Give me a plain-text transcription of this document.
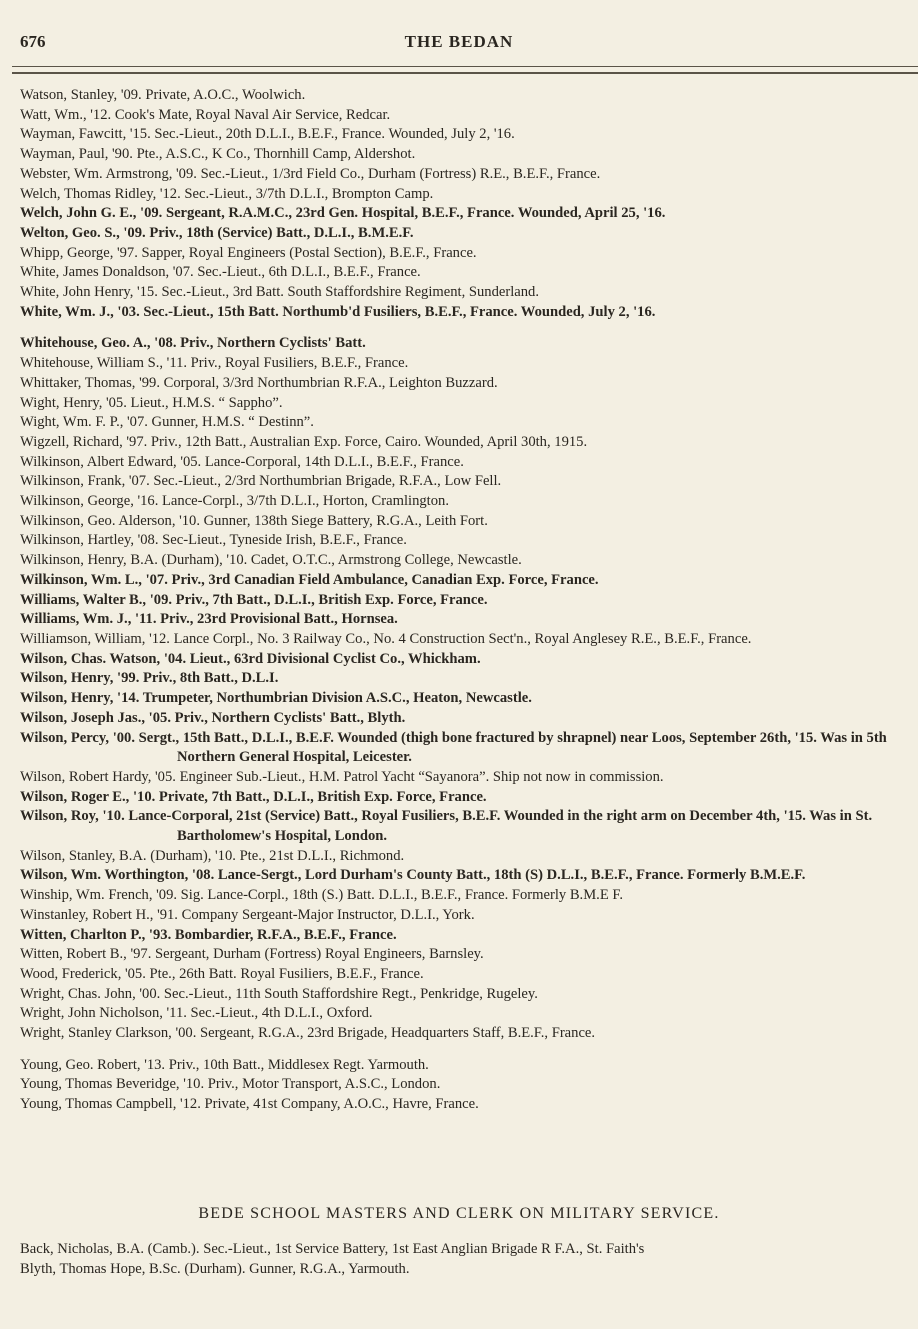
676	THE BEDAN

Watson, Stanley, '09. Private, A.O.C., Woolwich.

Watt, Wm., '12. Cook's Mate, Royal Naval Air Service, Redcar.

Wayman, Fawcitt, '15. Sec.-Lieut., 20th D.L.I., B.E.F., France. Wounded, July 2, '16.

Wayman, Paul, '90. Pte., A.S.C., K Co., Thornhill Camp, Aldershot.

Webster, Wm. Armstrong, '09. Sec.-Lieut., 1/3rd Field Co., Durham (Fortress) R.E., B.E.F., France.

Welch, Thomas Ridley, '12. Sec.-Lieut., 3/7th D.L.I., Brompton Camp.

Welch, John G. E., '09. Sergeant, R.A.M.C., 23rd Gen. Hospital, B.E.F., France. Wounded, April 25, '16.

Welton, Geo. S., '09. Priv., 18th (Service) Batt., D.L.I., B.M.E.F.

Whipp, George, '97. Sapper, Royal Engineers (Postal Section), B.E.F., France.

White, James Donaldson, '07. Sec.-Lieut., 6th D.L.I., B.E.F., France.

White, John Henry, '15. Sec.-Lieut., 3rd Batt. South Staffordshire Regiment, Sunderland.

White, Wm. J., '03. Sec.-Lieut., 15th Batt. Northumb'd Fusiliers, B.E.F., France. Wounded, July 2, '16.

Whitehouse, Geo. A., '08. Priv., Northern Cyclists' Batt.

Whitehouse, William S., '11. Priv., Royal Fusiliers, B.E.F., France.

Whittaker, Thomas, '99. Corporal, 3/3rd Northumbrian R.F.A., Leighton Buzzard.

Wight, Henry, '05. Lieut., H.M.S. “ Sappho”.

Wight, Wm. F. P., '07. Gunner, H.M.S. “ Destinn”.

Wigzell, Richard, '97. Priv., 12th Batt., Australian Exp. Force, Cairo. Wounded, April 30th, 1915.

Wilkinson, Albert Edward, '05. Lance-Corporal, 14th D.L.I., B.E.F., France.

Wilkinson, Frank, '07. Sec.-Lieut., 2/3rd Northumbrian Brigade, R.F.A., Low Fell.

Wilkinson, George, '16. Lance-Corpl., 3/7th D.L.I., Horton, Cramlington.

Wilkinson, Geo. Alderson, '10. Gunner, 138th Siege Battery, R.G.A., Leith Fort.

Wilkinson, Hartley, '08. Sec-Lieut., Tyneside Irish, B.E.F., France.

Wilkinson, Henry, B.A. (Durham), '10. Cadet, O.T.C., Armstrong College, Newcastle.

Wilkinson, Wm. L., '07. Priv., 3rd Canadian Field Ambulance, Canadian Exp. Force, France.

Williams, Walter B., '09. Priv., 7th Batt., D.L.I., British Exp. Force, France.

Williams, Wm. J., '11. Priv., 23rd Provisional Batt., Hornsea.

Williamson, William, '12. Lance Corpl., No. 3 Railway Co., No. 4 Construction Sect'n., Royal Anglesey R.E., B.E.F., France.

Wilson, Chas. Watson, '04. Lieut., 63rd Divisional Cyclist Co., Whickham.

Wilson, Henry, '99. Priv., 8th Batt., D.L.I.

Wilson, Henry, '14. Trumpeter, Northumbrian Division A.S.C., Heaton, Newcastle.

Wilson, Joseph Jas., '05. Priv., Northern Cyclists' Batt., Blyth.

Wilson, Percy, '00. Sergt., 15th Batt., D.L.I., B.E.F. Wounded (thigh bone fractured by shrapnel) near Loos, September 26th, '15. Was in 5th Northern General Hospital, Leicester.

Wilson, Robert Hardy, '05. Engineer Sub.-Lieut., H.M. Patrol Yacht “Sayanora”. Ship not now in commission.

Wilson, Roger E., '10. Private, 7th Batt., D.L.I., British Exp. Force, France.

Wilson, Roy, '10. Lance-Corporal, 21st (Service) Batt., Royal Fusiliers, B.E.F. Wounded in the right arm on December 4th, '15. Was in St. Bartholomew's Hospital, London.

Wilson, Stanley, B.A. (Durham), '10. Pte., 21st D.L.I., Richmond.

Wilson, Wm. Worthington, '08. Lance-Sergt., Lord Durham's County Batt., 18th (S) D.L.I., B.E.F., France. Formerly B.M.E.F.

Winship, Wm. French, '09. Sig. Lance-Corpl., 18th (S.) Batt. D.L.I., B.E.F., France. Formerly B.M.E F.

Winstanley, Robert H., '91. Company Sergeant-Major Instructor, D.L.I., York.

Witten, Charlton P., '93. Bombardier, R.F.A., B.E.F., France.

Witten, Robert B., '97. Sergeant, Durham (Fortress) Royal Engineers, Barnsley.

Wood, Frederick, '05. Pte., 26th Batt. Royal Fusiliers, B.E.F., France.

Wright, Chas. John, '00. Sec.-Lieut., 11th South Staffordshire Regt., Penkridge, Rugeley.

Wright, John Nicholson, '11. Sec.-Lieut., 4th D.L.I., Oxford.

Wright, Stanley Clarkson, '00. Sergeant, R.G.A., 23rd Brigade, Headquarters Staff, B.E.F., France.

Young, Geo. Robert, '13. Priv., 10th Batt., Middlesex Regt. Yarmouth.

Young, Thomas Beveridge, '10. Priv., Motor Transport, A.S.C., London.

Young, Thomas Campbell, '12. Private, 41st Company, A.O.C., Havre, France.

BEDE SCHOOL MASTERS AND CLERK ON MILITARY SERVICE.

Back, Nicholas, B.A. (Camb.). Sec.-Lieut., 1st Service Battery, 1st East Anglian Brigade R F.A., St. Faith's

Blyth, Thomas Hope, B.Sc. (Durham). Gunner, R.G.A., Yarmouth.
